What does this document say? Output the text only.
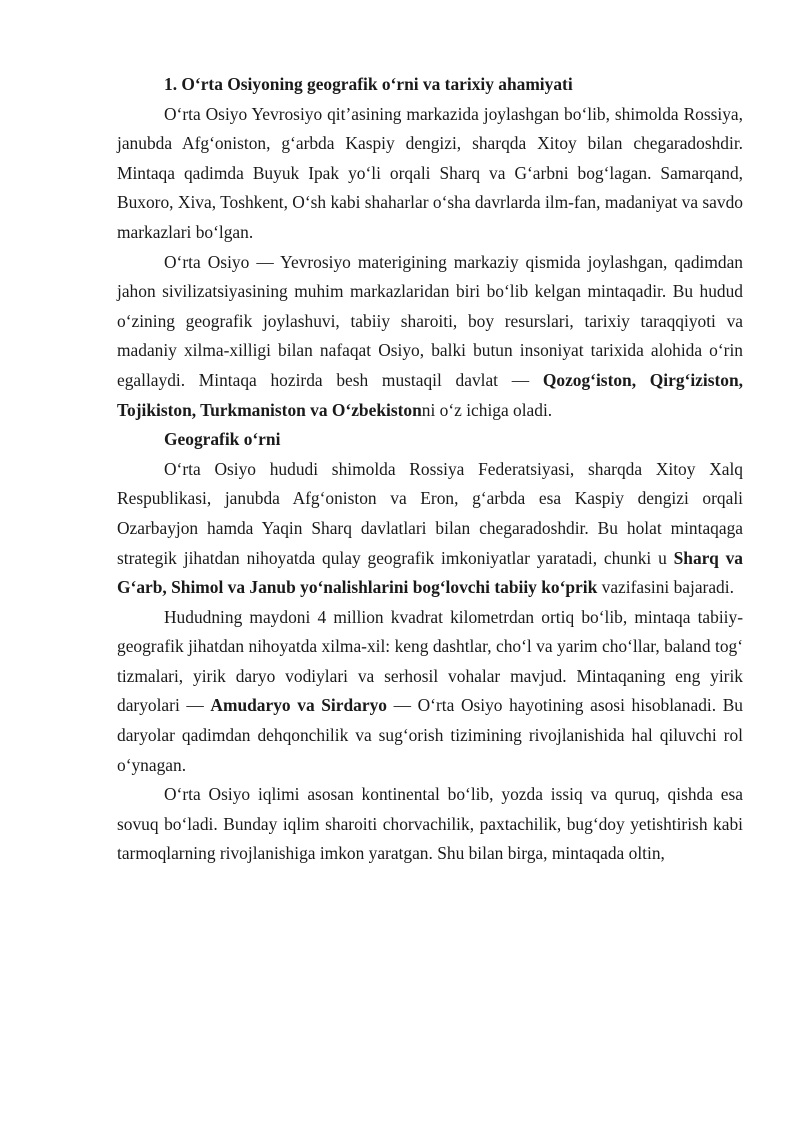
1. O‘rta Osiyoning geografik o‘rni va tarixiy ahamiyati

O‘rta Osiyo Yevrosiyo qit’asining markazida joylashgan bo‘lib, shimolda Rossiya, janubda Afg‘oniston, g‘arbda Kaspiy dengizi, sharqda Xitoy bilan chegaradoshdir. Mintaqa qadimda Buyuk Ipak yo‘li orqali Sharq va G‘arbni bog‘lagan. Samarqand, Buxoro, Xiva, Toshkent, O‘sh kabi shaharlar o‘sha davrlarda ilm-fan, madaniyat va savdo markazlari bo‘lgan.

O‘rta Osiyo — Yevrosiyo materigining markaziy qismida joylashgan, qadimdan jahon sivilizatsiyasining muhim markazlaridan biri bo‘lib kelgan mintaqadir. Bu hudud o‘zining geografik joylashuvi, tabiiy sharoiti, boy resurslari, tarixiy taraqqiyoti va madaniy xilma-xilligi bilan nafaqat Osiyo, balki butun insoniyat tarixida alohida o‘rin egallaydi. Mintaqa hozirda besh mustaqil davlat — Qozog‘iston, Qirg‘iziston, Tojikiston, Turkmaniston va O‘zbekistonni o‘z ichiga oladi.

Geografik o‘rni

O‘rta Osiyo hududi shimolda Rossiya Federatsiyasi, sharqda Xitoy Xalq Respublikasi, janubda Afg‘oniston va Eron, g‘arbda esa Kaspiy dengizi orqali Ozarbayjon hamda Yaqin Sharq davlatlari bilan chegaradoshdir. Bu holat mintaqaga strategik jihatdan nihoyatda qulay geografik imkoniyatlar yaratadi, chunki u Sharq va G‘arb, Shimol va Janub yo‘nalishlarini bog‘lovchi tabiiy ko‘prik vazifasini bajaradi.

Hududning maydoni 4 million kvadrat kilometrdan ortiq bo‘lib, mintaqa tabiiy-geografik jihatdan nihoyatda xilma-xil: keng dashtlar, cho‘l va yarim cho‘llar, baland tog‘ tizmalari, yirik daryo vodiylari va serhosil vohalar mavjud. Mintaqaning eng yirik daryolari — Amudaryo va Sirdaryo — O‘rta Osiyo hayotining asosi hisoblanadi. Bu daryolar qadimdan dehqonchilik va sug‘orish tizimining rivojlanishida hal qiluvchi rol o‘ynagan.

O‘rta Osiyo iqlimi asosan kontinental bo‘lib, yozda issiq va quruq, qishda esa sovuq bo‘ladi. Bunday iqlim sharoiti chorvachilik, paxtachilik, bug‘doy yetishtirish kabi tarmoqlarning rivojlanishiga imkon yaratgan. Shu bilan birga, mintaqada oltin,
